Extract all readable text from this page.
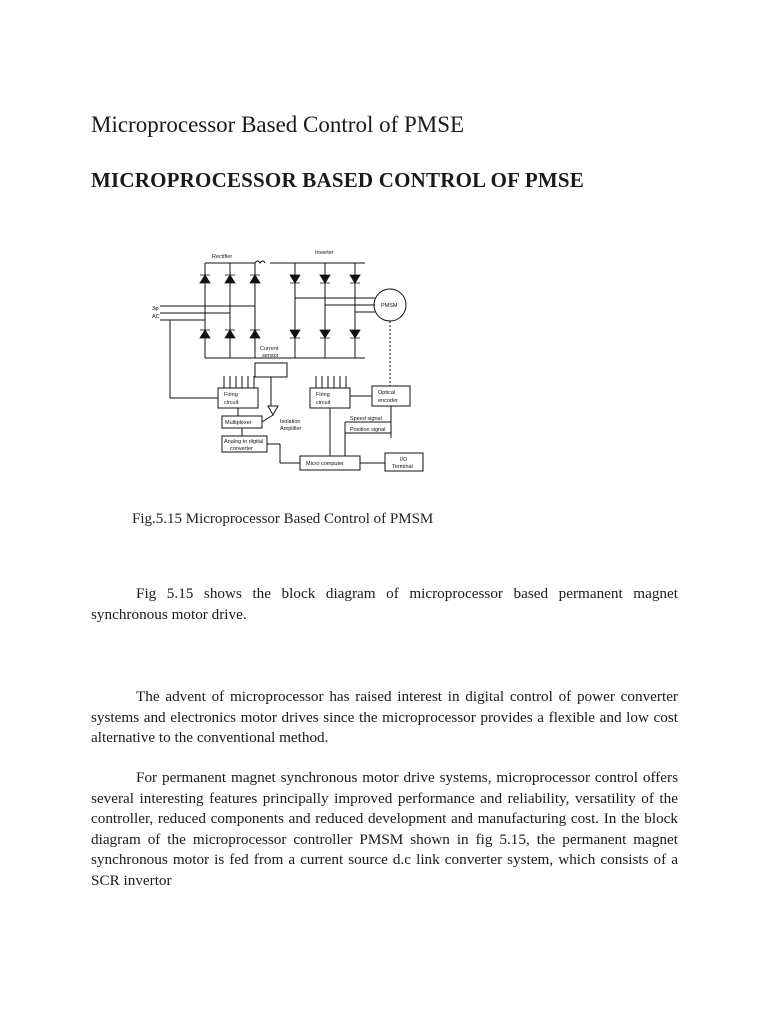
Microprocessor Based Control of PMSE
MICROPROCESSOR BASED CONTROL OF PMSE
Rectifier
Inverter
PMSM
3φ
AC
Current
sensor
Firing
circuit
Firing
circuit
Optical
encoder
Multiplexer	Isolation
Amplifier
Speed signal
Position signal
Analog to digital
converter
Micro computer
I/O
Terminal
Fig.5.15 Microprocessor Based Control of PMSM

Fig 5.15 shows the block diagram of microprocessor based permanent magnet synchronous motor drive.

The advent of microprocessor has raised interest in digital control of power converter systems and electronics motor drives since the microprocessor provides a flexible and low cost alternative to the conventional method.

For permanent magnet synchronous motor drive systems, microprocessor control offers several interesting features principally improved performance and reliability, versatility of the controller, reduced components and reduced development and manufacturing cost. In the block diagram of the microprocessor controller PMSM shown in fig 5.15, the permanent magnet synchronous motor is fed from a current source d.c link converter system, which consists of a SCR invertor
